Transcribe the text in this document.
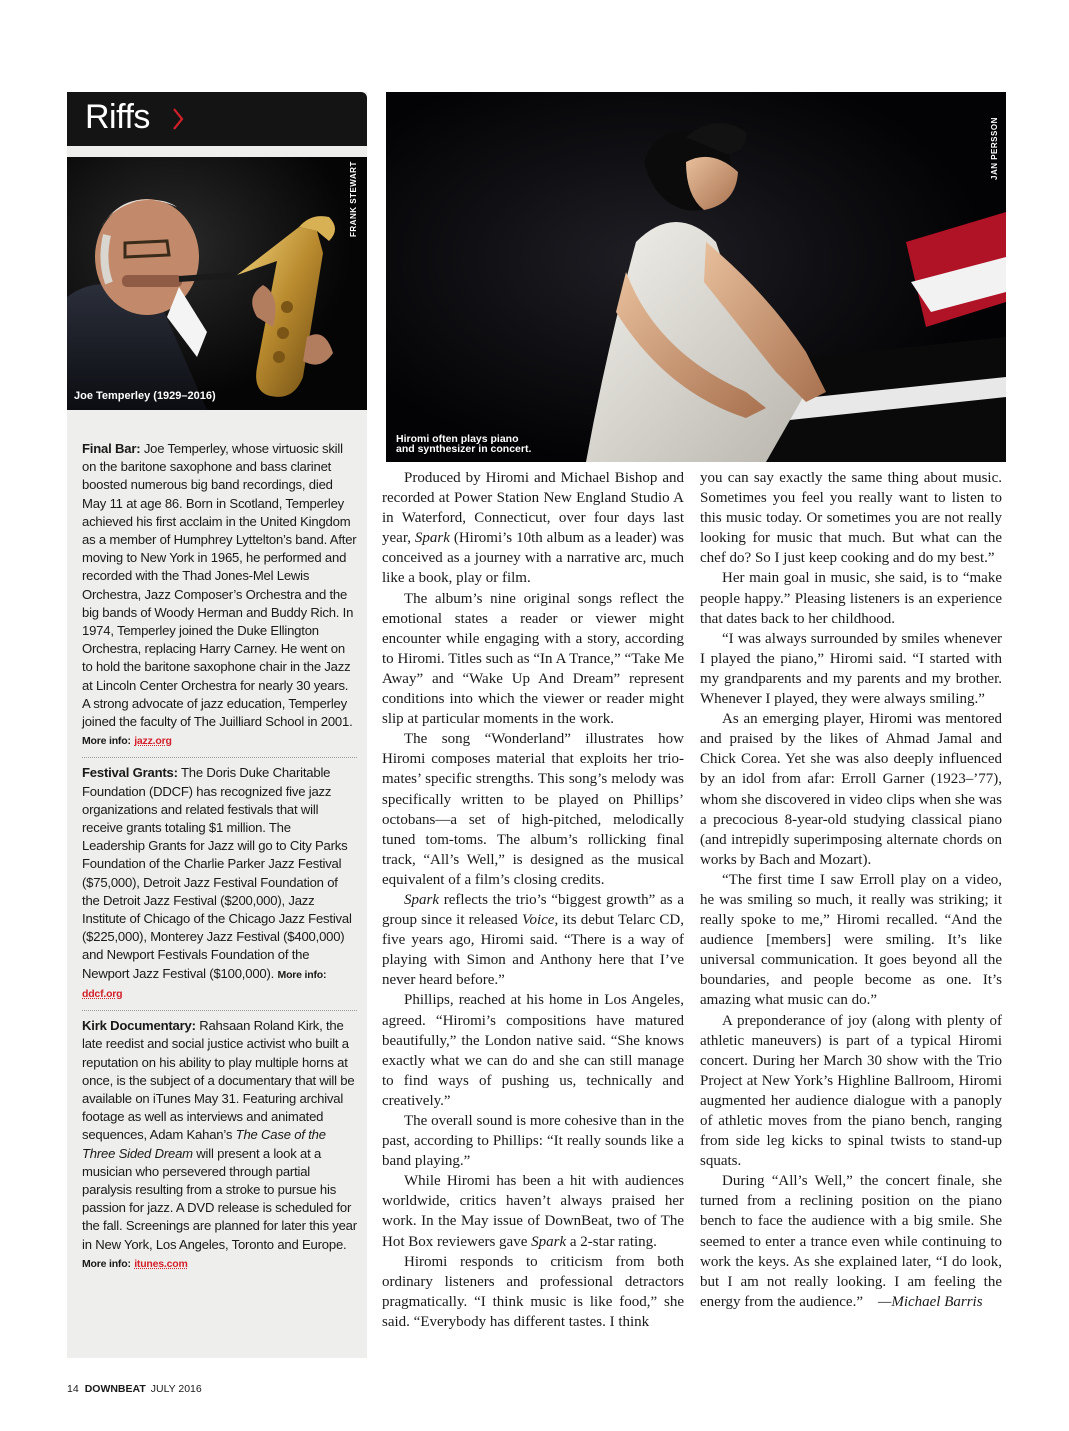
Riffs
FRANK STEWART
Joe Temperley (1929–2016)

Final Bar: Joe Temperley, whose virtuosic skill on the baritone saxophone and bass clarinet boosted numerous big band recordings, died May 11 at age 86. Born in Scotland, Temperley achieved his first acclaim in the United Kingdom as a member of Humphrey Lyttelton’s band. After moving to New York in 1965, he performed and recorded with the Thad Jones-Mel Lewis Orchestra, Jazz Composer’s Orchestra and the big bands of Woody Herman and Buddy Rich. In 1974, Temperley joined the Duke Ellington Orchestra, replacing Harry Carney. He went on to hold the baritone saxophone chair in the Jazz at Lincoln Center Orchestra for nearly 30 years. A strong advocate of jazz education, Temperley joined the faculty of The Juilliard School in 2001.
More info: jazz.org

Festival Grants: The Doris Duke Charitable Foundation (DDCF) has recognized five jazz organizations and related festivals that will receive grants totaling $1 million. The Leadership Grants for Jazz will go to City Parks Foundation of the Charlie Parker Jazz Festival ($75,000), Detroit Jazz Festival Foundation of the Detroit Jazz Festival ($200,000), Jazz Institute of Chicago of the Chicago Jazz Festival ($225,000), Monterey Jazz Festival ($400,000) and Newport Festivals Foundation of the Newport Jazz Festival ($100,000). More info: ddcf.org

Kirk Documentary: Rahsaan Roland Kirk, the late reedist and social justice activist who built a reputation on his ability to play multiple horns at once, is the subject of a documentary that will be available on iTunes May 31. Featuring archival footage as well as interviews and animated sequences, Adam Kahan’s The Case of the Three Sided Dream will present a look at a musician who persevered through partial paralysis resulting from a stroke to pursue his passion for jazz. A DVD release is scheduled for the fall. Screenings are planned for later this year in New York, Los Angeles, Toronto and Europe. More info: itunes.com

JAN PERSSON
Hiromi often plays piano
and synthesizer in concert.

Produced by Hiromi and Michael Bishop and recorded at Power Station New England Studio A in Waterford, Connecticut, over four days last year, Spark (Hiromi’s 10th album as a leader) was conceived as a journey with a narrative arc, much like a book, play or film.

The album’s nine original songs reflect the emotional states a reader or viewer might encounter while engaging with a story, according to Hiromi. Titles such as “In A Trance,” “Take Me Away” and “Wake Up And Dream” represent conditions into which the viewer or reader might slip at particular moments in the work.

The song “Wonderland” illustrates how Hiromi composes material that exploits her trio-mates’ specific strengths. This song’s melody was specifically written to be played on Phillips’ octobans—a set of high-pitched, melodically tuned tom-toms. The album’s rollicking final track, “All’s Well,” is designed as the musical equivalent of a film’s closing credits.

Spark reflects the trio’s “biggest growth” as a group since it released Voice, its debut Telarc CD, five years ago, Hiromi said. “There is a way of playing with Simon and Anthony here that I’ve never heard before.”

Phillips, reached at his home in Los Angeles, agreed. “Hiromi’s compositions have matured beautifully,” the London native said. “She knows exactly what we can do and she can still manage to find ways of pushing us, technically and creatively.”

The overall sound is more cohesive than in the past, according to Phillips: “It really sounds like a band playing.”

While Hiromi has been a hit with audiences worldwide, critics haven’t always praised her work. In the May issue of DownBeat, two of The Hot Box reviewers gave Spark a 2-star rating.

Hiromi responds to criticism from both ordinary listeners and professional detractors pragmatically. “I think music is like food,” she said. “Everybody has different tastes. I think

you can say exactly the same thing about music. Sometimes you feel you really want to listen to this music today. Or sometimes you are not really looking for music that much. But what can the chef do? So I just keep cooking and do my best.”

Her main goal in music, she said, is to “make people happy.” Pleasing listeners is an experience that dates back to her childhood.

“I was always surrounded by smiles whenever I played the piano,” Hiromi said. “I started with my grandparents and my parents and my brother. Whenever I played, they were always smiling.”

As an emerging player, Hiromi was mentored and praised by the likes of Ahmad Jamal and Chick Corea. Yet she was also deeply influenced by an idol from afar: Erroll Garner (1923–’77), whom she discovered in video clips when she was a precocious 8-year-old studying classical piano (and intrepidly superimposing alternate chords on works by Bach and Mozart).

“The first time I saw Erroll play on a video, he was smiling so much, it really was striking; it really spoke to me,” Hiromi recalled. “And the audience [members] were smiling. It’s like universal communication. It goes beyond all the boundaries, and people become as one. It’s amazing what music can do.”

A preponderance of joy (along with plenty of athletic maneuvers) is part of a typical Hiromi concert. During her March 30 show with the Trio Project at New York’s Highline Ballroom, Hiromi augmented her audience dialogue with a panoply of athletic moves from the piano bench, ranging from side leg kicks to spinal twists to stand-up squats.

During “All’s Well,” the concert finale, she turned from a reclining position on the piano bench to face the audience with a big smile. She seemed to enter a trance even while continuing to work the keys. As she explained later, “I do look, but I am not really looking. I am feeling the energy from the audience.” —Michael Barris

14 DOWNBEAT JULY 2016
